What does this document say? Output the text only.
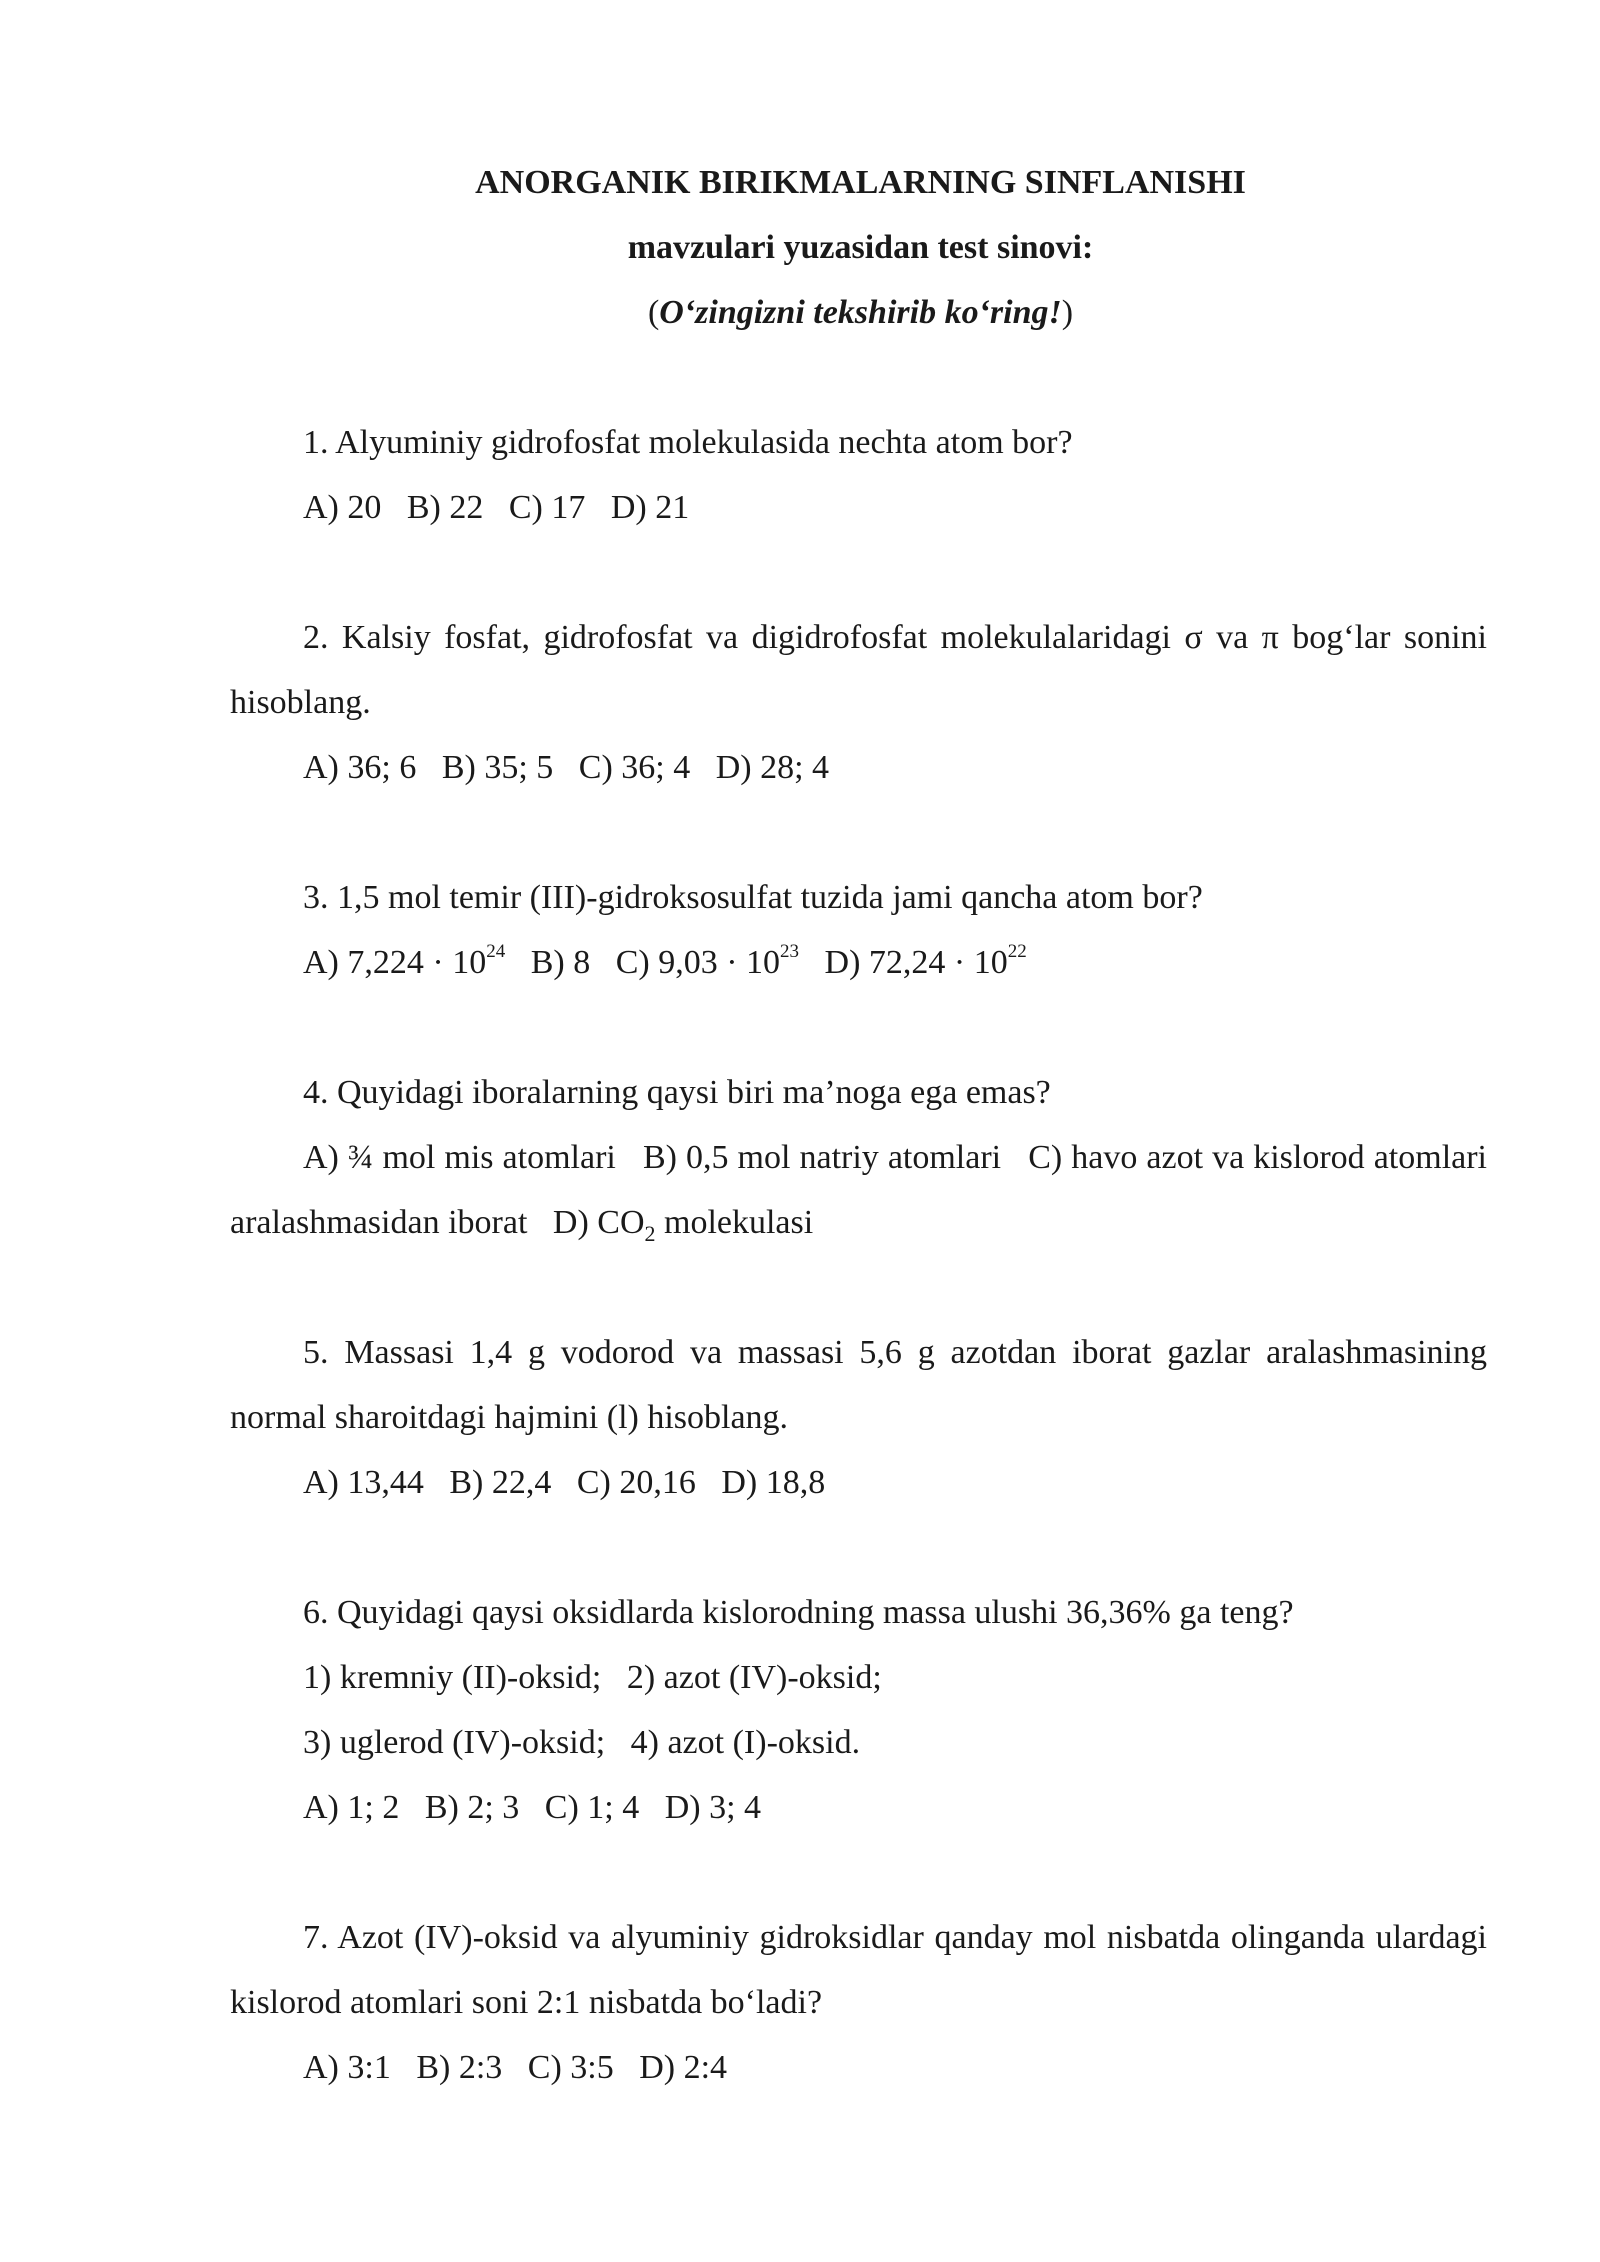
ANORGANIK BIRIKMALARNING SINFLANISHI
mavzulari yuzasidan test sinovi:
(O‘zingizni tekshirib ko‘ring!)
1. Alyuminiy gidrofosfat molekulasida nechta atom bor?
A) 20   B) 22   C) 17   D) 21
2. Kalsiy fosfat, gidrofosfat va digidrofosfat molekulalaridagi σ va π bog‘lar sonini hisoblang.
A) 36; 6   B) 35; 5   C) 36; 4   D) 28; 4
3. 1,5 mol temir (III)-gidroksosulfat tuzida jami qancha atom bor?
A) $7,224 \cdot 10^{24}$ B) 8 C) $9,03 \cdot 10^{23}$ D) $72,24 \cdot 10^{22}$
4. Quyidagi iboralarning qaysi biri ma’noga ega emas?
A) ¾ mol mis atomlari B) 0,5 mol natriy atomlari C) havo azot va kislorod atomlari aralashmasidan iborat D) $CO_2$ molekulasi
5. Massasi 1,4 g vodorod va massasi 5,6 g azotdan iborat gazlar aralashmasining normal sharoitdagi hajmini (l) hisoblang.
A) 13,44   B) 22,4   C) 20,16   D) 18,8
6. Quyidagi qaysi oksidlarda kislorodning massa ulushi 36,36% ga teng?
1) kremniy (II)-oksid;   2) azot (IV)-oksid;
3) uglerod (IV)-oksid;   4) azot (I)-oksid.
A) 1; 2   B) 2; 3   C) 1; 4   D) 3; 4
7. Azot (IV)-oksid va alyuminiy gidroksidlar qanday mol nisbatda olinganda ulardagi kislorod atomlari soni 2:1 nisbatda bo‘ladi?
A) 3:1   B) 2:3   C) 3:5   D) 2:4
